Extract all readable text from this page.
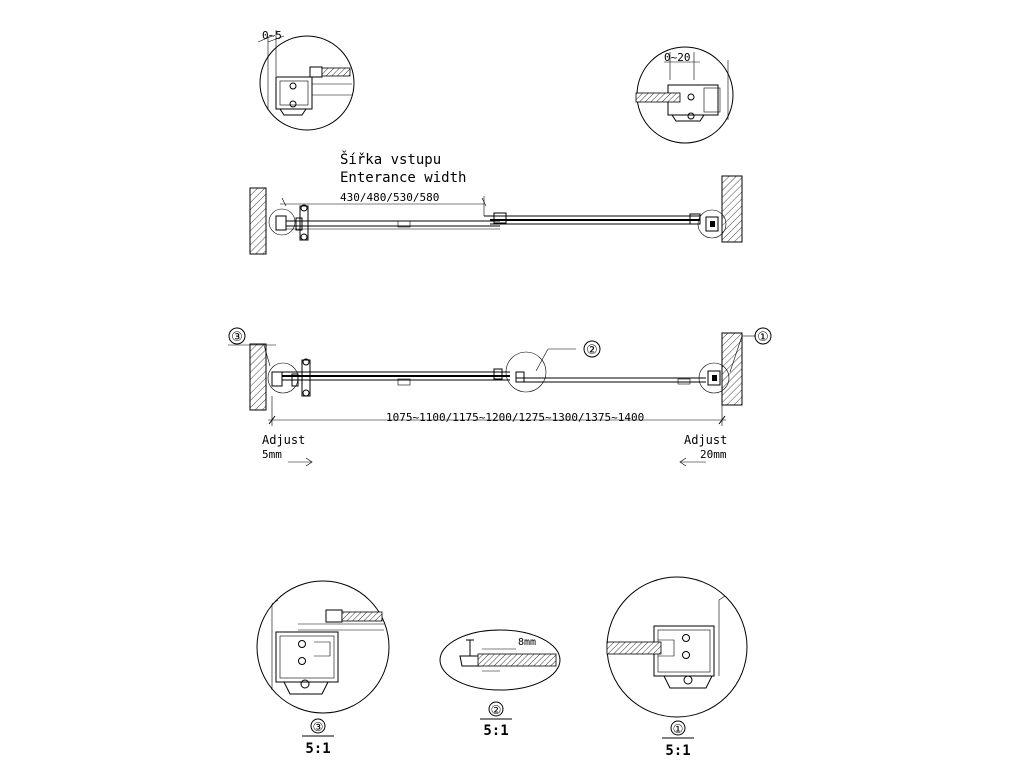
0~5
0~20
Šířka vstupu
Enterance width
430/480/530/580
③
②
①
1075~1100/1175~1200/1275~1300/1375~1400
Adjust
5mm
Adjust
20mm
8mm
③
5:1
②
5:1	①
5:1
